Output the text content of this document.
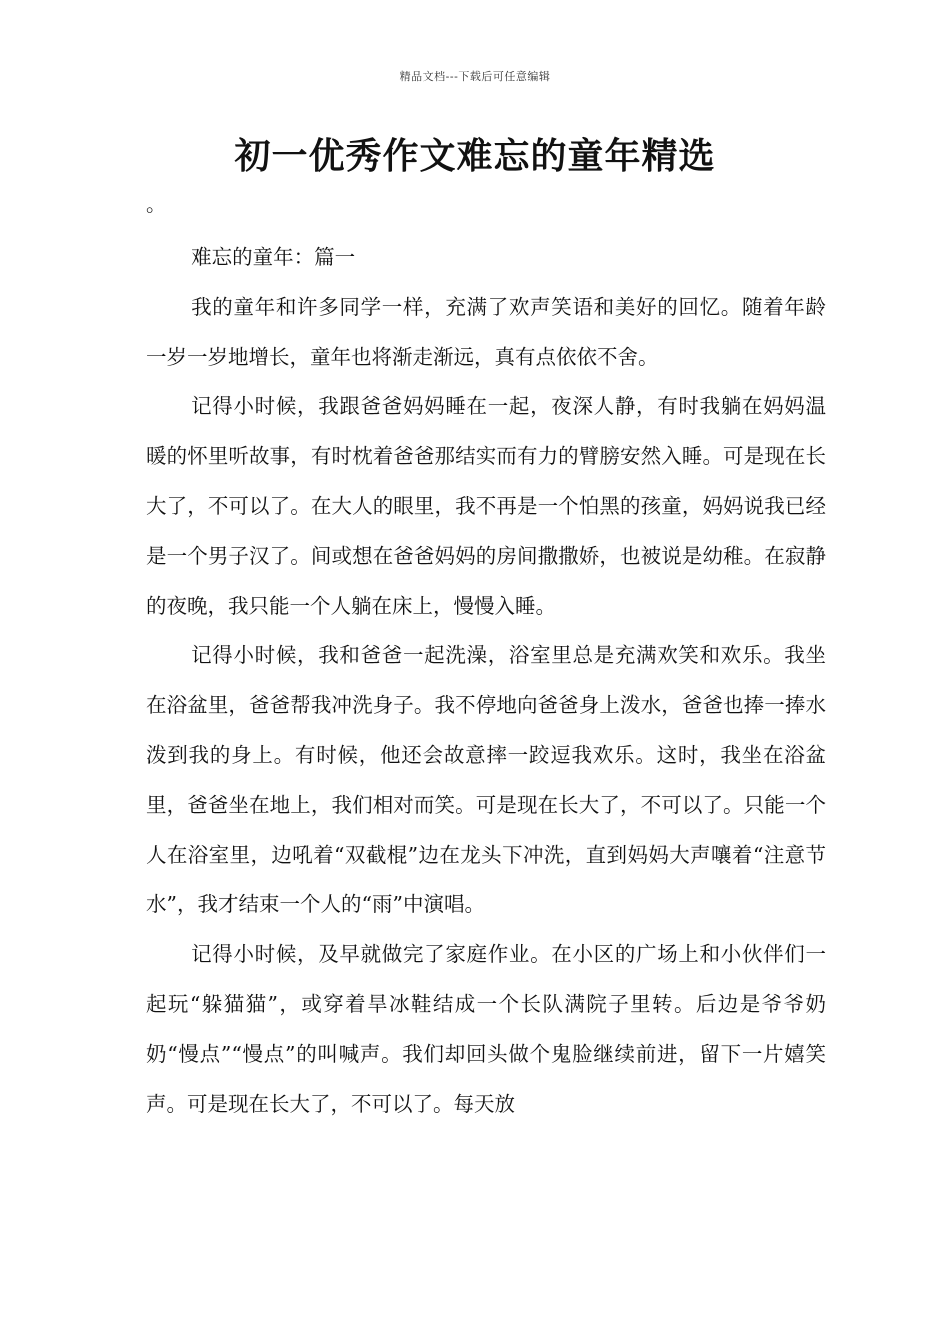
精品文档---下载后可任意编辑
初一优秀作文难忘的童年精选
。

难忘的童年：篇一

我的童年和许多同学一样，充满了欢声笑语和美好的回忆。随着年龄一岁一岁地增长，童年也将渐走渐远，真有点依依不舍。

记得小时候，我跟爸爸妈妈睡在一起，夜深人静，有时我躺在妈妈温暖的怀里听故事，有时枕着爸爸那结实而有力的臂膀安然入睡。可是现在长大了，不可以了。在大人的眼里，我不再是一个怕黑的孩童，妈妈说我已经是一个男子汉了。间或想在爸爸妈妈的房间撒撒娇，也被说是幼稚。在寂静的夜晚，我只能一个人躺在床上，慢慢入睡。

记得小时候，我和爸爸一起洗澡，浴室里总是充满欢笑和欢乐。我坐在浴盆里，爸爸帮我冲洗身子。我不停地向爸爸身上泼水，爸爸也捧一捧水泼到我的身上。有时候，他还会故意摔一跤逗我欢乐。这时，我坐在浴盆里，爸爸坐在地上，我们相对而笑。可是现在长大了，不可以了。只能一个人在浴室里，边吼着“双截棍”边在龙头下冲洗，直到妈妈大声嚷着“注意节水”，我才结束一个人的“雨”中演唱。

记得小时候，及早就做完了家庭作业。在小区的广场上和小伙伴们一起玩“躲猫猫”，或穿着旱冰鞋结成一个长队满院子里转。后边是爷爷奶奶“慢点”“慢点”的叫喊声。我们却回头做个鬼脸继续前进，留下一片嬉笑声。可是现在长大了，不可以了。每天放
